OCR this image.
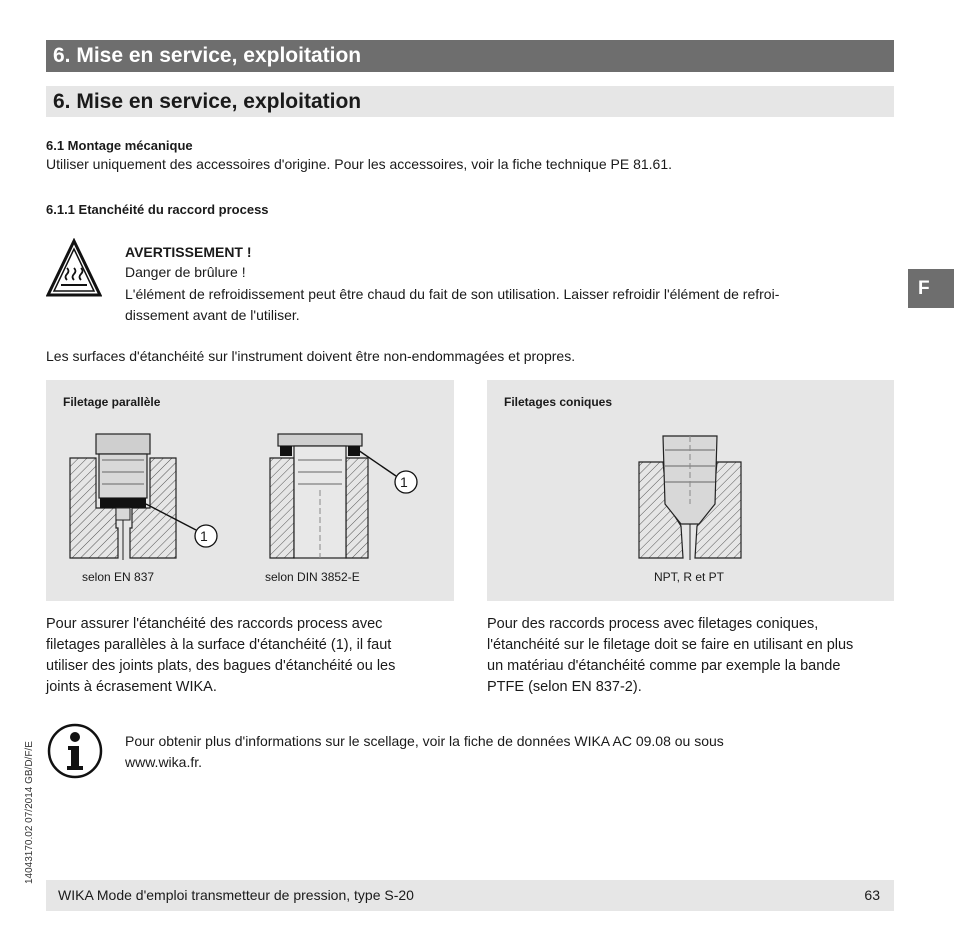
6. Mise en service, exploitation
6. Mise en service, exploitation
F
6.1 Montage mécanique
Utiliser uniquement des accessoires d'origine. Pour les accessoires, voir la fiche technique PE 81.61.
6.1.1 Etanchéité du raccord process
AVERTISSEMENT !
Danger de brûlure !
L'élément de refroidissement peut être chaud du fait de son utilisation. Laisser refroidir l'élément de refroi-
dissement avant de l'utiliser.
Les surfaces d'étanchéité sur l'instrument doivent être non-endommagées et propres.
Filetage parallèle
1
1
selon EN 837	selon DIN 3852-E
Filetages coniques
NPT, R et PT
Pour assurer l'étanchéité des raccords process avec
filetages parallèles à la surface d'étanchéité (1), il faut
utiliser des joints plats, des bagues d'étanchéité ou les
joints à écrasement WIKA.
Pour des raccords process avec filetages coniques,
l'étanchéité sur le filetage doit se faire en utilisant en plus
un matériau d'étanchéité comme par exemple la bande
PTFE (selon EN 837-2).
Pour obtenir plus d'informations sur le scellage, voir la fiche de données WIKA AC 09.08 ou sous
www.wika.fr.
14043170.02 07/2014 GB/D/F/E
WIKA Mode d'emploi transmetteur de pression, type S-20	63
